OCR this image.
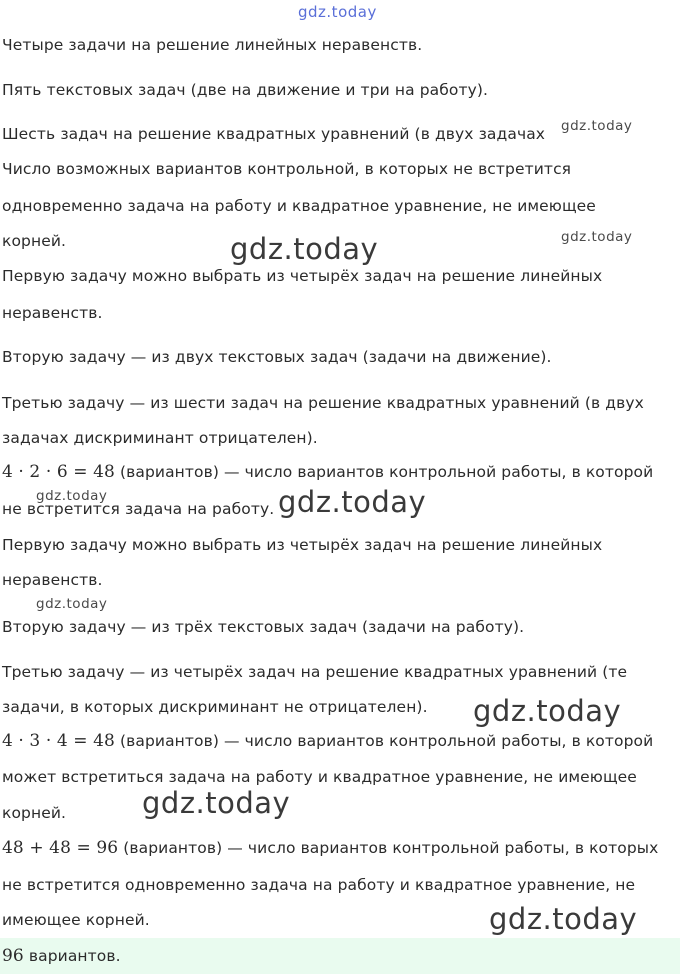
gdz.today

Четыре задачи на решение линейных неравенств.

Пять текстовых задач (две на движение и три на работу).

Шесть задач на решение квадратных уравнений (в двух задачах

Число возможных вариантов контрольной, в которых не встретится

одновременно задача на работу и квадратное уравнение, не имеющее

корней.

Первую задачу можно выбрать из четырёх задач на решение линейных

неравенств.

Вторую задачу — из двух текстовых задач (задачи на движение).

Третью задачу — из шести задач на решение квадратных уравнений (в двух

задачах дискриминант отрицателен).

4 · 2 · 6 = 48 (вариантов) — число вариантов контрольной работы, в которой

не встретится задача на работу.

Первую задачу можно выбрать из четырёх задач на решение линейных

неравенств.

Вторую задачу — из трёх текстовых задач (задачи на работу).

Третью задачу — из четырёх задач на решение квадратных уравнений (те

задачи, в которых дискриминант не отрицателен).

4 · 3 · 4 = 48 (вариантов) — число вариантов контрольной работы, в которой

может встретиться задача на работу и квадратное уравнение, не имеющее

корней.

48 + 48 = 96 (вариантов) — число вариантов контрольной работы, в которых

не встретится одновременно задача на работу и квадратное уравнение, не

имеющее корней.

96 вариантов.

gdz.today
gdz.today
gdz.today
gdz.today	gdz.today
gdz.today
gdz.today
gdz.today
gdz.today
